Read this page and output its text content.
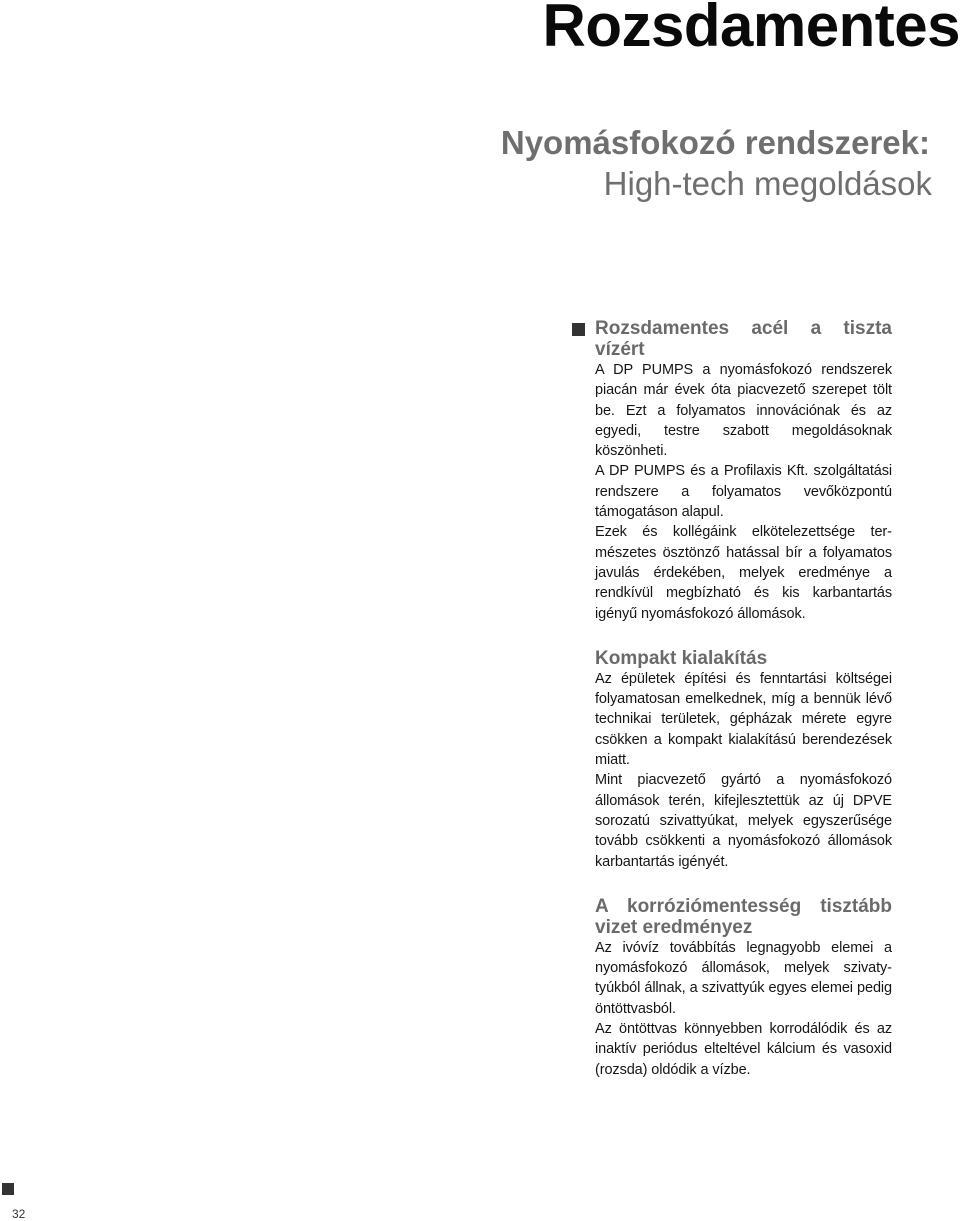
Rozsdamentes
Nyomásfokozó rendszerek:
High-tech megoldások
Rozsdamentes acél a tiszta vízért

A DP PUMPS a nyomásfokozó rendszerek piacán már évek óta piacvezető szerepet tölt be. Ezt a folyamatos innovációnak és az egyedi, testre szabott megoldásoknak köszönheti.

A DP PUMPS és a Profilaxis Kft. szolgáltatási rendszere a folyamatos vevőközpontú támogatáson alapul.

Ezek és kollégáink elkötelezettsége természetes ösztönző hatással bír a folyamatos javulás érdekében, melyek eredménye a rendkívül megbízható és kis karbantartás igényű nyomásfokozó állomások.

Kompakt kialakítás

Az épületek építési és fenntartási költségei folyamatosan emelkednek, míg a bennük lévő technikai területek, gépházak mérete egyre csökken a kompakt kialakítású berendezések miatt.

Mint piacvezető gyártó a nyomásfokozó állomások terén, kifejlesztettük az új DPVE sorozatú szivattyúkat, melyek egyszerűsége tovább csökkenti a nyomásfokozó állomások karbantartás igényét.

A korróziómentesség tisztább vizet eredményez

Az ivóvíz továbbítás legnagyobb elemei a nyomásfokozó állomások, melyek szivatytyúkból állnak, a szivattyúk egyes elemei pedig öntöttvasból.

Az öntöttvas könnyebben korrodálódik és az inaktív periódus elteltével kálcium és vasoxid (rozsda) oldódik a vízbe.

32
